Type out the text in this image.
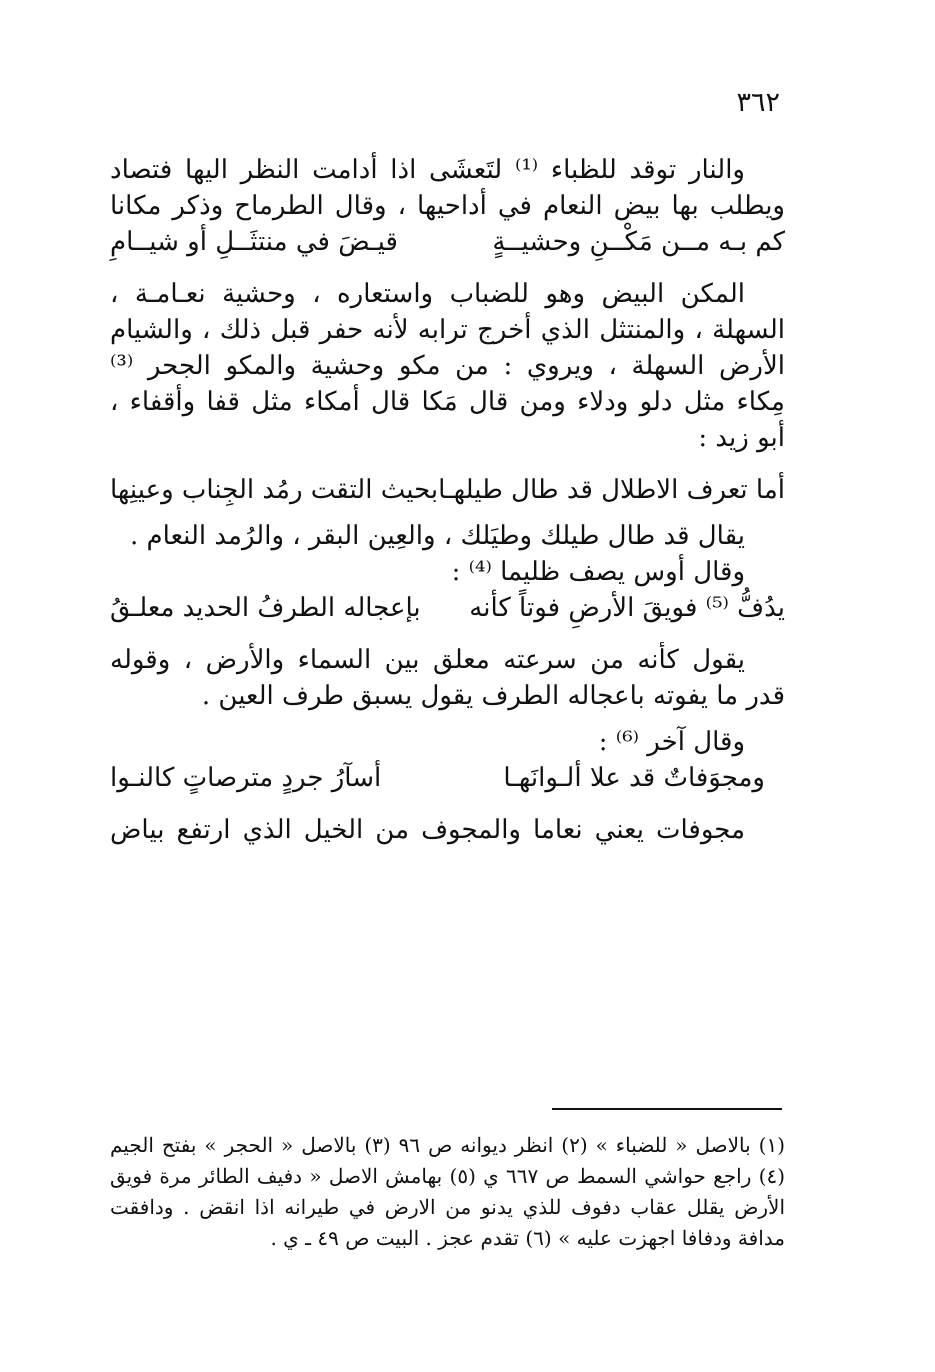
٣٦٢
والنار توقد للظباء ⁽¹⁾ لتَعشَى اذا أدامت النظر اليها فتصاد
ويطلب بها بيض النعام في أداحيها ، وقال الطرماح وذكر مكانا
كم بـه مــن مَكْــنِ وحشيــةٍ
قيـضَ في منتثَــلِ أو شيــامِ
المكن البيض وهو للضباب واستعاره ، وحشية نعـامـة ،
السهلة ، والمنتثل الذي أخرج ترابه لأنه حفر قبل ذلك ، والشيام
الأرض السهلة ، ويروي : من مكو وحشية والمكو الجحر ⁽³⁾
مِكاء مثل دلو ودلاء ومن قال مَكا قال أمكاء مثل قفا وأقفاء ،
أبو زيد :
أما تعرف الاطلال قد طال طيلهـا
بحيث التقت رمُد الجِناب وعينِها
يقال قد طال طيلك وطيَلك ، والعِين البقر ، والرُمد النعام .
وقال أوس يصف ظليما ⁽⁴⁾ :
يدُفُّ ⁽⁵⁾ فويقَ الأرضِ فوتاً كأنه
بإعجاله الطرفُ الحديد معلـقُ
يقول كأنه من سرعته معلق بين السماء والأرض ، وقوله
قدر ما يفوته باعجاله الطرف يقول يسبق طرف العين .
وقال آخر ⁽⁶⁾ :
ومجوَفاتٌ قد علا ألـوانَهـا
أسآرُ جردٍ مترصاتٍ كالنـوا
مجوفات يعني نعاما والمجوف من الخيل الذي ارتفع بياض
(١) بالاصل « للضباء » (٢) انظر ديوانه ص ٩٦ (٣) بالاصل « الحجر » بفتح الجيم
(٤) راجع حواشي السمط ص ٦٦٧ ي (٥) بهامش الاصل « دفيف الطائر مرة فويق
الأرض يقلل عقاب دفوف للذي يدنو من الارض في طيرانه اذا انقض . ودافقت
مدافة ودفافا اجهزت عليه » (٦) تقدم عجز . البيت ص ٤٩ ـ ي .
